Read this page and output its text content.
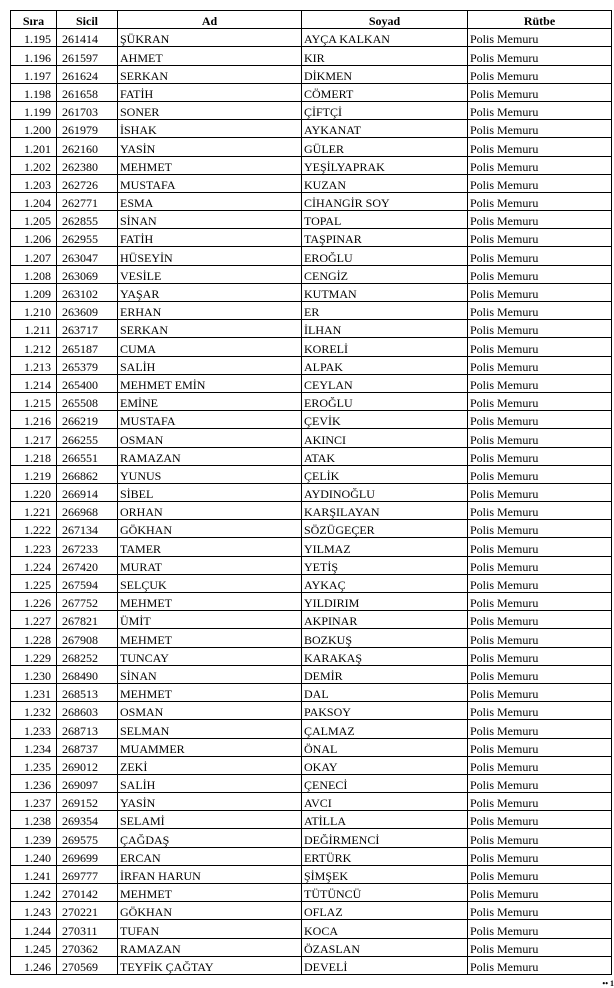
Sıra	Sicil	Ad	Soyad	Rütbe
1.195	261414	ŞÜKRAN	AYÇA KALKAN	Polis Memuru
1.196	261597	AHMET	KIR	Polis Memuru
1.197	261624	SERKAN	DİKMEN	Polis Memuru
1.198	261658	FATİH	CÖMERT	Polis Memuru
1.199	261703	SONER	ÇİFTÇİ	Polis Memuru
1.200	261979	İSHAK	AYKANAT	Polis Memuru
1.201	262160	YASİN	GÜLER	Polis Memuru
1.202	262380	MEHMET	YEŞİLYAPRAK	Polis Memuru
1.203	262726	MUSTAFA	KUZAN	Polis Memuru
1.204	262771	ESMA	CİHANGİR SOY	Polis Memuru
1.205	262855	SİNAN	TOPAL	Polis Memuru
1.206	262955	FATİH	TAŞPINAR	Polis Memuru
1.207	263047	HÜSEYİN	EROĞLU	Polis Memuru
1.208	263069	VESİLE	CENGİZ	Polis Memuru
1.209	263102	YAŞAR	KUTMAN	Polis Memuru
1.210	263609	ERHAN	ER	Polis Memuru
1.211	263717	SERKAN	İLHAN	Polis Memuru
1.212	265187	CUMA	KORELİ	Polis Memuru
1.213	265379	SALİH	ALPAK	Polis Memuru
1.214	265400	MEHMET EMİN	CEYLAN	Polis Memuru
1.215	265508	EMİNE	EROĞLU	Polis Memuru
1.216	266219	MUSTAFA	ÇEVİK	Polis Memuru
1.217	266255	OSMAN	AKINCI	Polis Memuru
1.218	266551	RAMAZAN	ATAK	Polis Memuru
1.219	266862	YUNUS	ÇELİK	Polis Memuru
1.220	266914	SİBEL	AYDINOĞLU	Polis Memuru
1.221	266968	ORHAN	KARŞILAYAN	Polis Memuru
1.222	267134	GÖKHAN	SÖZÜGEÇER	Polis Memuru
1.223	267233	TAMER	YILMAZ	Polis Memuru
1.224	267420	MURAT	YETİŞ	Polis Memuru
1.225	267594	SELÇUK	AYKAÇ	Polis Memuru
1.226	267752	MEHMET	YILDIRIM	Polis Memuru
1.227	267821	ÜMİT	AKPINAR	Polis Memuru
1.228	267908	MEHMET	BOZKUŞ	Polis Memuru
1.229	268252	TUNCAY	KARAKAŞ	Polis Memuru
1.230	268490	SİNAN	DEMİR	Polis Memuru
1.231	268513	MEHMET	DAL	Polis Memuru
1.232	268603	OSMAN	PAKSOY	Polis Memuru
1.233	268713	SELMAN	ÇALMAZ	Polis Memuru
1.234	268737	MUAMMER	ÖNAL	Polis Memuru
1.235	269012	ZEKİ	OKAY	Polis Memuru
1.236	269097	SALİH	ÇENECİ	Polis Memuru
1.237	269152	YASİN	AVCI	Polis Memuru
1.238	269354	SELAMİ	ATİLLA	Polis Memuru
1.239	269575	ÇAĞDAŞ	DEĞİRMENCİ	Polis Memuru
1.240	269699	ERCAN	ERTÜRK	Polis Memuru
1.241	269777	İRFAN HARUN	ŞİMŞEK	Polis Memuru
1.242	270142	MEHMET	TÜTÜNCÜ	Polis Memuru
1.243	270221	GÖKHAN	OFLAZ	Polis Memuru
1.244	270311	TUFAN	KOCA	Polis Memuru
1.245	270362	RAMAZAN	ÖZASLAN	Polis Memuru
1.246	270569	TEYFİK ÇAĞTAY	DEVELİ	Polis Memuru
•• 1
